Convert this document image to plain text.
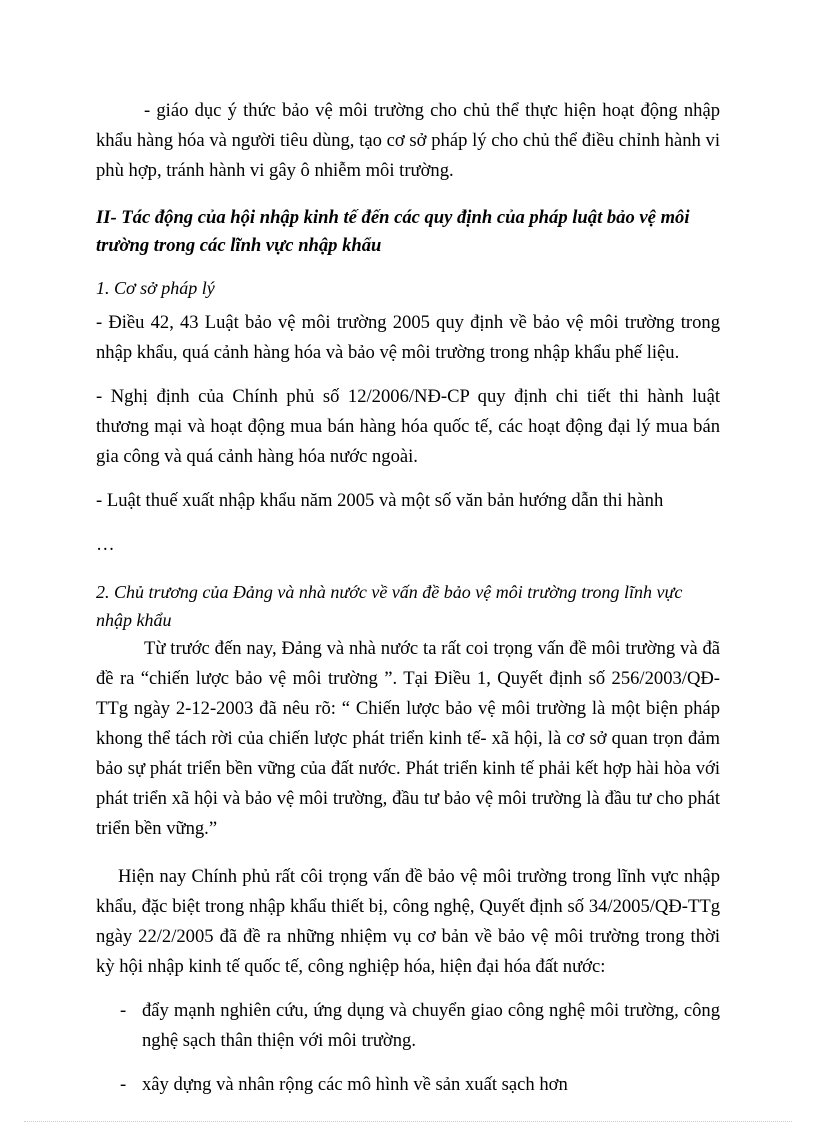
- giáo dục ý thức bảo vệ môi trường cho chủ thể thực hiện hoạt động nhập khẩu hàng hóa và người tiêu dùng, tạo cơ sở pháp lý cho chủ thể điều chỉnh hành vi phù hợp, tránh hành vi gây ô nhiễm môi trường.

II- Tác động của hội nhập kinh tế đến các quy định của pháp luật bảo vệ môi trường trong các lĩnh vực nhập khẩu

1. Cơ sở pháp lý

- Điều 42, 43 Luật bảo vệ môi trường 2005 quy định về bảo vệ môi trường trong nhập khẩu, quá cảnh hàng hóa và bảo vệ môi trường trong nhập khẩu phế liệu.

- Nghị định của Chính phủ số 12/2006/NĐ-CP quy định chi tiết thi hành luật thương mại và hoạt động mua bán hàng hóa quốc tế, các hoạt động đại lý mua bán gia công và quá cảnh hàng hóa nước ngoài.

- Luật thuế xuất nhập khẩu năm 2005 và một số văn bản hướng dẫn thi hành

…

2. Chủ trương của Đảng và nhà nước về vấn đề bảo vệ môi trường trong lĩnh vực nhập khẩu

Từ trước đến nay, Đảng và nhà nước ta rất coi trọng vấn đề môi trường và đã đề ra “chiến lược bảo vệ môi trường ”. Tại Điều 1, Quyết định số 256/2003/QĐ-TTg ngày 2-12-2003 đã nêu rõ: “ Chiến lược bảo vệ môi trường là một biện pháp khong thể tách rời của chiến lược phát triển kinh tế- xã hội, là cơ sở quan trọn đảm bảo sự phát triển bền vững của đất nước. Phát triển kinh tế phải kết hợp hài hòa với phát triển xã hội và bảo vệ môi trường, đầu tư bảo vệ môi trường là đầu tư cho phát triển bền vững.”

Hiện nay Chính phủ rất côi trọng vấn đề bảo vệ môi trường trong lĩnh vực nhập khẩu, đặc biệt trong nhập khẩu thiết bị, công nghệ, Quyết định số 34/2005/QĐ-TTg ngày 22/2/2005 đã đề ra những nhiệm vụ cơ bản về bảo vệ môi trường trong thời kỳ hội nhập kinh tế quốc tế, công nghiệp hóa, hiện đại hóa đất nước:

- đẩy mạnh nghiên cứu, ứng dụng và chuyển giao công nghệ môi trường, công nghệ sạch thân thiện với môi trường.
- xây dựng và nhân rộng các mô hình về sản xuất sạch hơn
